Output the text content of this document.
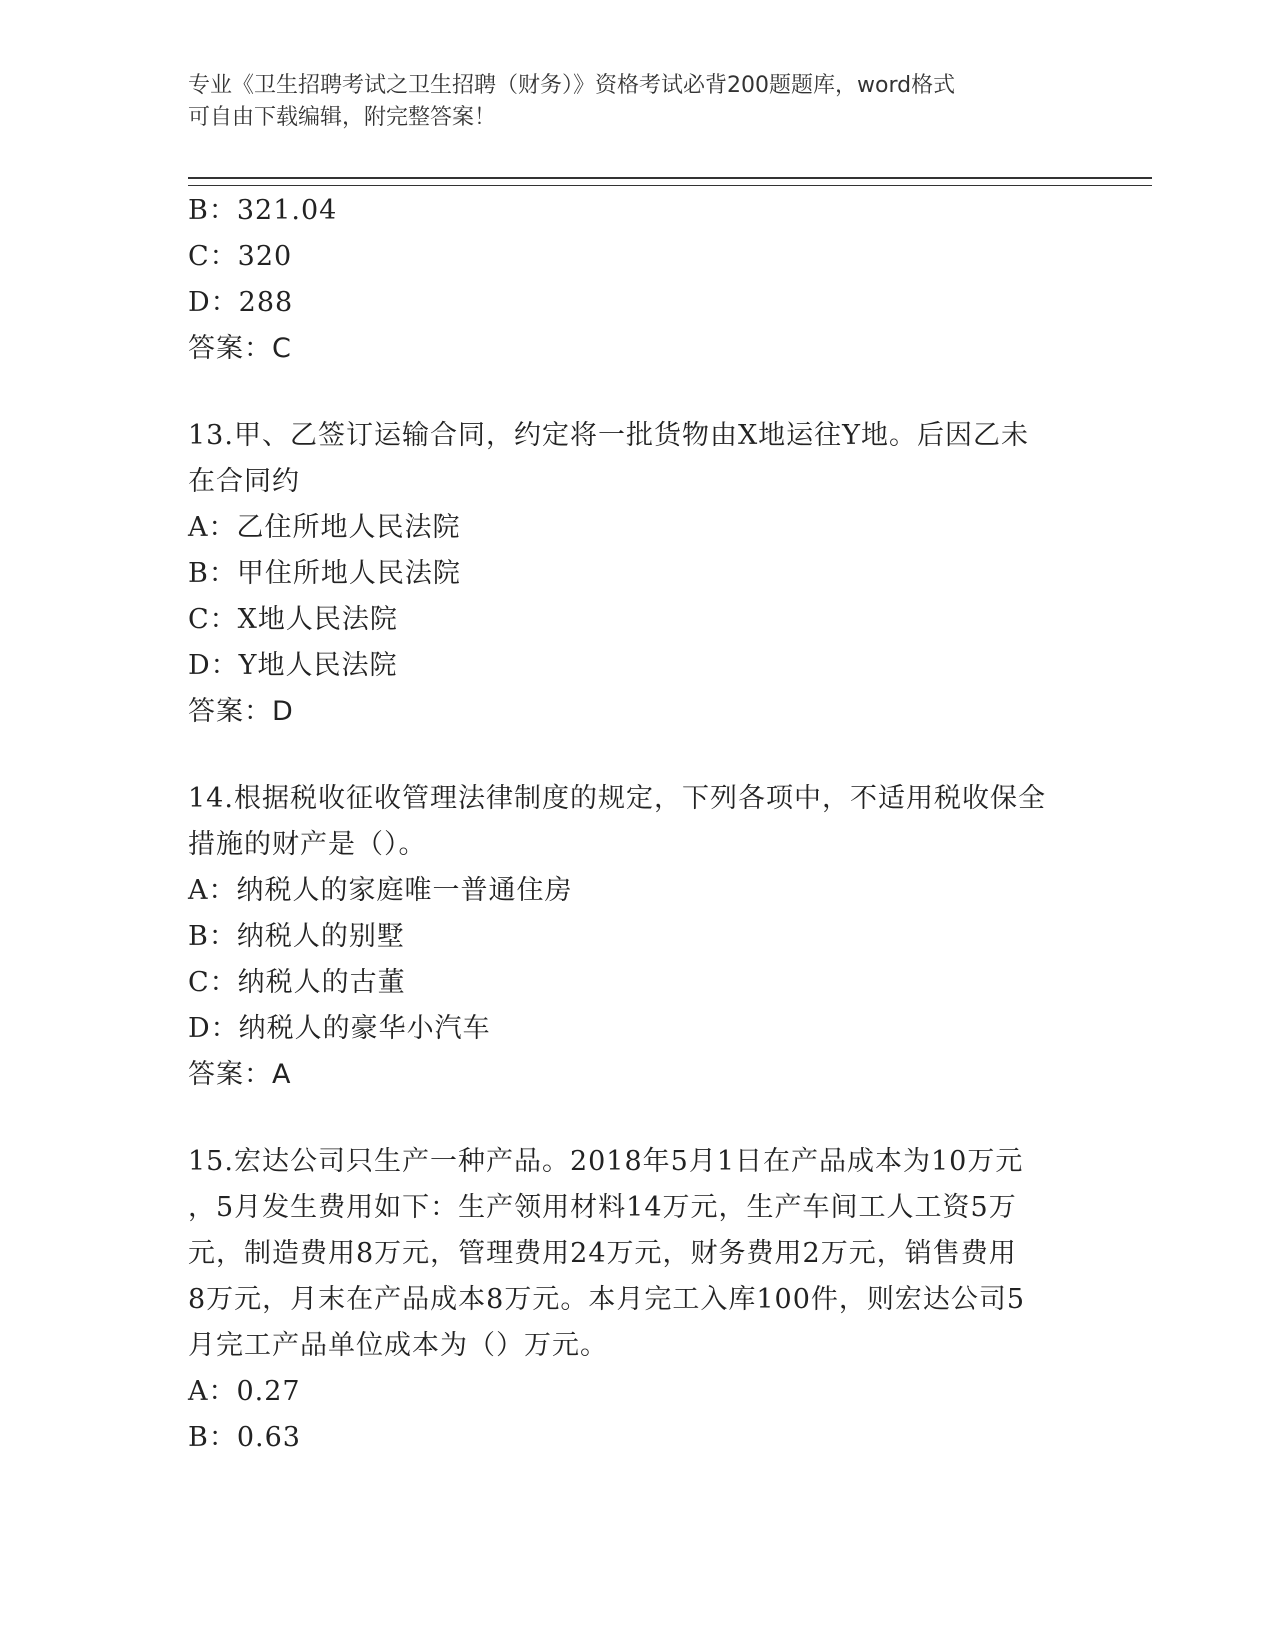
专业《卫生招聘考试之卫生招聘（财务）》资格考试必背200题题库，word格式
可自由下载编辑，附完整答案！
B：321.04
C：320
D：288
答案：C
13.甲、乙签订运输合同，约定将一批货物由X地运往Y地。后因乙未
在合同约
A：乙住所地人民法院
B：甲住所地人民法院
C：X地人民法院
D：Y地人民法院
答案：D
14.根据税收征收管理法律制度的规定，下列各项中，不适用税收保全
措施的财产是（）。
A：纳税人的家庭唯一普通住房
B：纳税人的别墅
C：纳税人的古董
D：纳税人的豪华小汽车
答案：A
15.宏达公司只生产一种产品。2018年5月1日在产品成本为10万元
，5月发生费用如下：生产领用材料14万元，生产车间工人工资5万
元，制造费用8万元，管理费用24万元，财务费用2万元，销售费用
8万元，月末在产品成本8万元。本月完工入库100件，则宏达公司5
月完工产品单位成本为（）万元。
A：0.27
B：0.63
